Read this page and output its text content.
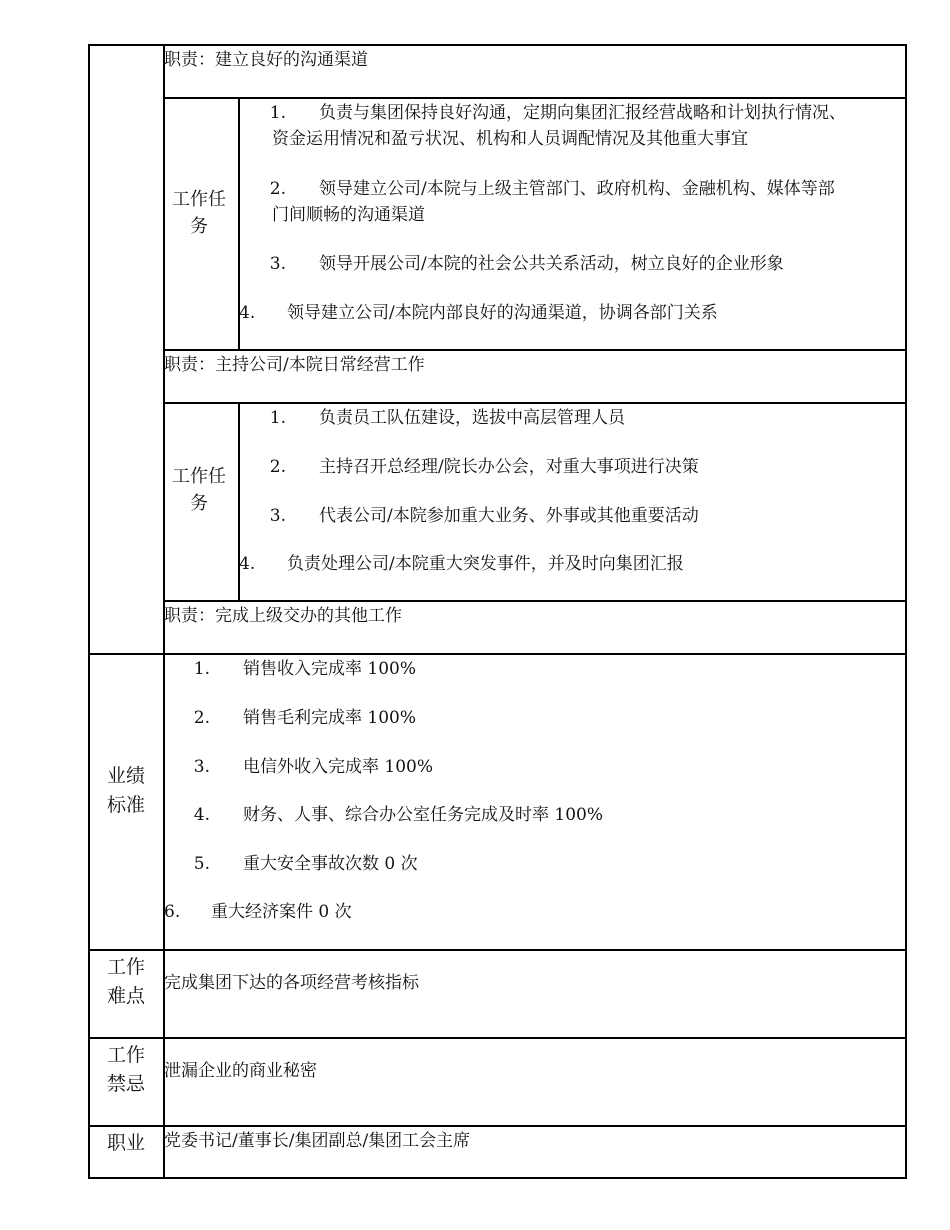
职责：建立良好的沟通渠道
工作任务
1. 负责与集团保持良好沟通，定期向集团汇报经营战略和计划执行情况、
资金运用情况和盈亏状况、机构和人员调配情况及其他重大事宜
2. 领导建立公司/本院与上级主管部门、政府机构、金融机构、媒体等部
门间顺畅的沟通渠道
3. 领导开展公司/本院的社会公共关系活动，树立良好的企业形象
4. 领导建立公司/本院内部良好的沟通渠道，协调各部门关系
职责：主持公司/本院日常经营工作
工作任务
1. 负责员工队伍建设，选拔中高层管理人员
2. 主持召开总经理/院长办公会，对重大事项进行决策
3. 代表公司/本院参加重大业务、外事或其他重要活动
4. 负责处理公司/本院重大突发事件，并及时向集团汇报
职责：完成上级交办的其他工作
业绩标准
1. 销售收入完成率 100%
2. 销售毛利完成率 100%
3. 电信外收入完成率 100%
4. 财务、人事、综合办公室任务完成及时率 100%
5. 重大安全事故次数 0 次
6. 重大经济案件 0 次
工作难点
完成集团下达的各项经营考核指标
工作禁忌
泄漏企业的商业秘密
职业	党委书记/董事长/集团副总/集团工会主席
